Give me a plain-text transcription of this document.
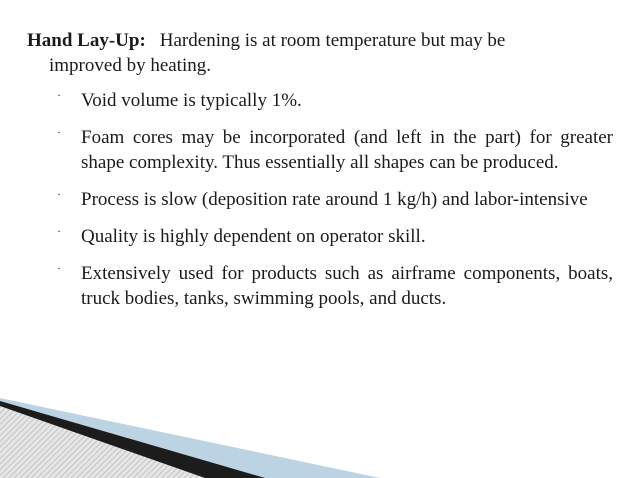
Hand Lay-Up: Hardening is at room temperature but may be
improved by heating.
· Void volume is typically 1%.
· Foam cores may be incorporated (and left in the part) for greater shape complexity. Thus essentially all shapes can be produced.
· Process is slow (deposition rate around 1 kg/h) and labor-intensive
· Quality is highly dependent on operator skill.
· Extensively used for products such as airframe components, boats, truck bodies, tanks, swimming pools, and ducts.
